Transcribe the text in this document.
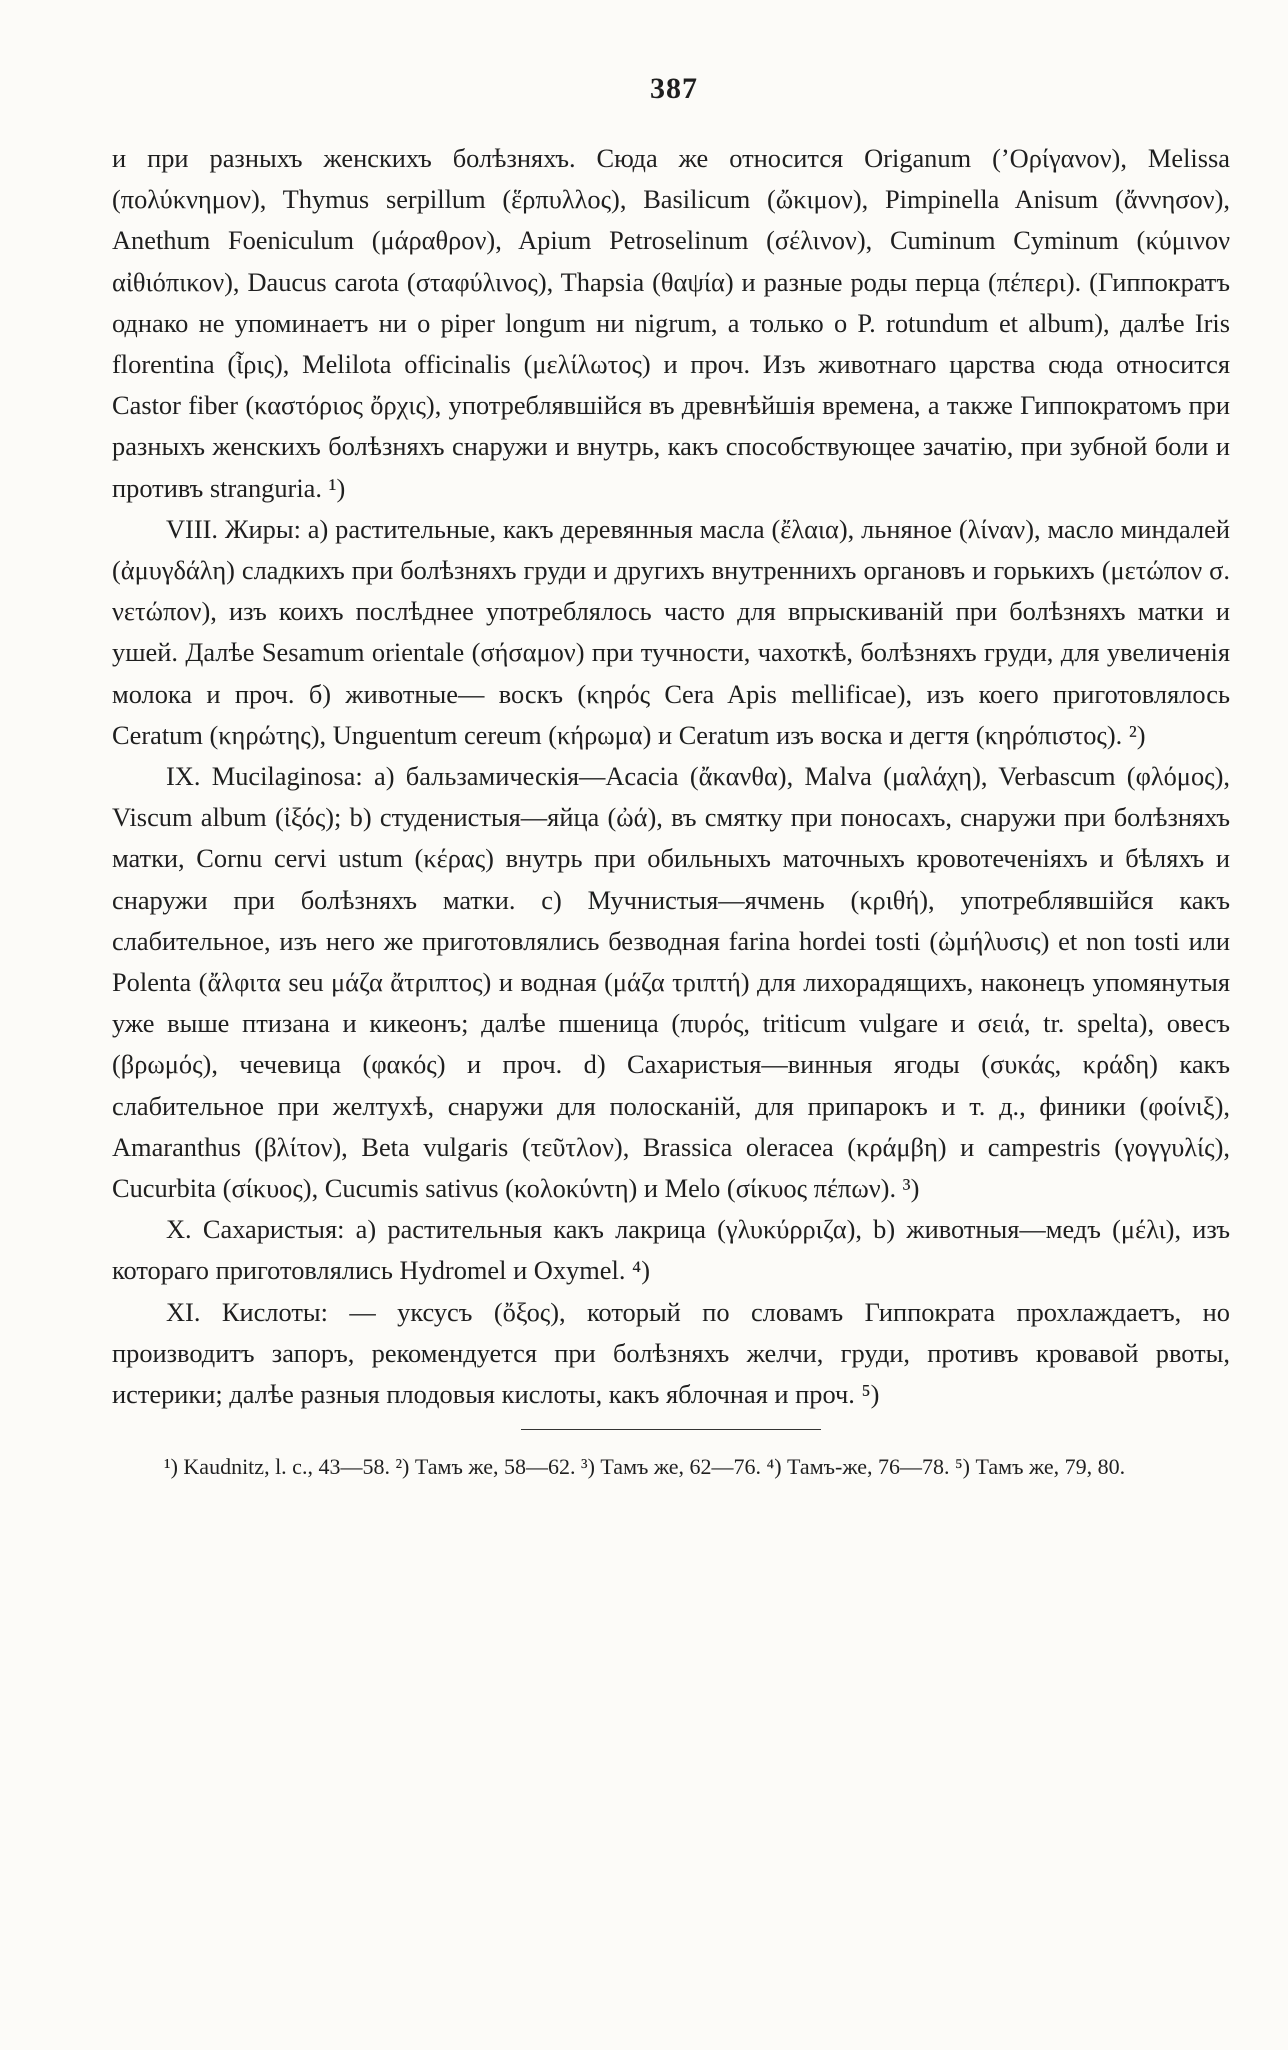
387

и при разныхъ женскихъ болѣзняхъ. Сюда же относится Origanum (’Ορίγανον), Melissa (πολύκνημον), Thymus serpillum (ἕρπυλλος), Basilicum (ὤκιμον), Pimpinella Anisum (ἄννησον), Anethum Foeniculum (μάραθρον), Apium Petroselinum (σέλινον), Cuminum Cyminum (κύμινον αἰθιόπικον), Daucus carota (σταφύλινος), Thapsia (θαψία) и разные роды перца (πέπερι). (Гиппократъ однако не упоминаетъ ни о piper longum ни nigrum, а только о P. rotundum et album), далѣе Iris florentina (ἶρις), Melilota officinalis (μελίλωτος) и проч. Изъ животнаго царства сюда относится Castor fiber (καστόριος ὄρχις), употреблявшійся въ древнѣйшія времена, а также Гиппократомъ при разныхъ женскихъ болѣзняхъ снаружи и внутрь, какъ способствующее зачатію, при зубной боли и противъ stranguria. ¹)

VIII. Жиры: a) растительные, какъ деревянныя масла (ἔλαια), льняное (λίναν), масло миндалей (ἀμυγδάλη) сладкихъ при болѣзняхъ груди и другихъ внутреннихъ органовъ и горькихъ (μετώπον σ. νετώπον), изъ коихъ послѣднее употреблялось часто для впрыскиваній при болѣзняхъ матки и ушей. Далѣе Sesamum orientale (σήσαμον) при тучности, чахоткѣ, болѣзняхъ груди, для увеличенія молока и проч. б) животные— воскъ (κηρός Cera Apis mellificae), изъ коего приготовлялось Ceratum (κηρώτης), Unguentum cereum (κήρωμα) и Ceratum изъ воска и дегтя (κηρόπιστος). ²)

IX. Mucilaginosa: a) бальзамическія—Acacia (ἄκανθα), Malva (μαλάχη), Verbascum (φλόμος), Viscum album (ἰξός); b) студенистыя—яйца (ὠά), въ смятку при поносахъ, снаружи при болѣзняхъ матки, Cornu cervi ustum (κέρας) внутрь при обильныхъ маточныхъ кровотеченіяхъ и бѣляхъ и снаружи при болѣзняхъ матки. c) Мучнистыя—ячмень (κριθή), употреблявшійся какъ слабительное, изъ него же приготовлялись безводная farina hordei tosti (ὠμήλυσις) et non tosti или Polenta (ἄλφιτα seu μάζα ἄτριπτος) и водная (μάζα τριπτή) для лихорадящихъ, наконецъ упомянутыя уже выше птизана и кикеонъ; далѣе пшеница (πυρός, triticum vulgare и σειά, tr. spelta), овесъ (βρωμός), чечевица (φακός) и проч. d) Сахаристыя—винныя ягоды (συκάς, κράδη) какъ слабительное при желтухѣ, снаружи для полосканій, для припарокъ и т. д., финики (φοίνιξ), Amaranthus (βλίτον), Beta vulgaris (τεῦτλον), Brassica oleracea (κράμβη) и campestris (γογγυλίς), Cucurbita (σίκυος), Cucumis sativus (κολοκύντη) и Melo (σίκυος πέπων). ³)

X. Сахаристыя: a) растительныя какъ лакрица (γλυκύρριζα), b) животныя—медъ (μέλι), изъ котораго приготовлялись Hydromel и Oxymel. ⁴)

XI. Кислоты: — уксусъ (ὄξος), который по словамъ Гиппократа прохлаждаетъ, но производитъ запоръ, рекомендуется при болѣзняхъ желчи, груди, противъ кровавой рвоты, истерики; далѣе разныя плодовыя кислоты, какъ яблочная и проч. ⁵)

¹) Kaudnitz, l. c., 43—58. ²) Тамъ же, 58—62. ³) Тамъ же, 62—76. ⁴) Тамъ-же, 76—78. ⁵) Тамъ же, 79, 80.
